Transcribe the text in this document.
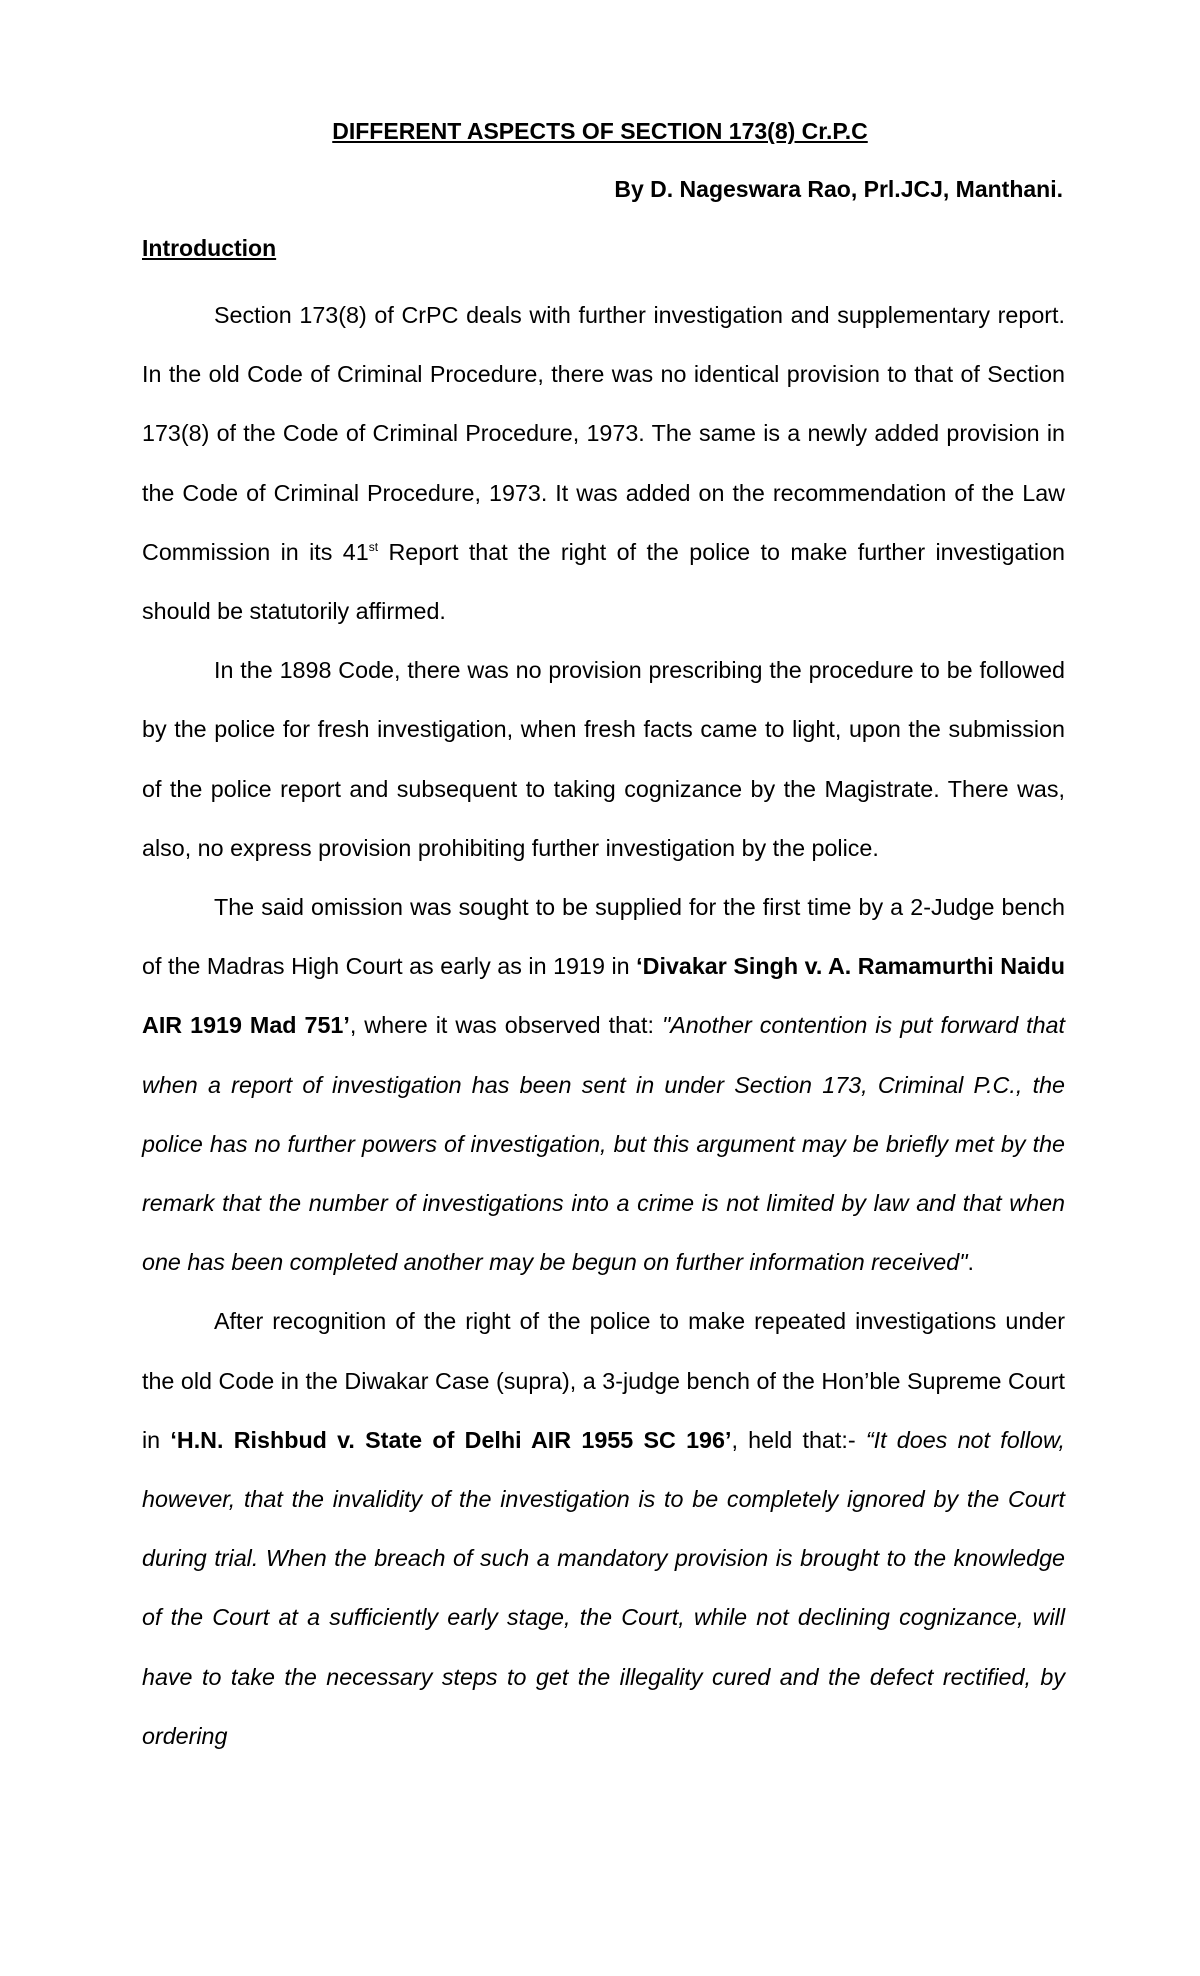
DIFFERENT ASPECTS OF SECTION 173(8) Cr.P.C

By D. Nageswara Rao, Prl.JCJ, Manthani.

Introduction

Section 173(8) of CrPC deals with further investigation and supplementary report. In the old Code of Criminal Procedure, there was no identical provision to that of Section 173(8) of the Code of Criminal Procedure, 1973. The same is a newly added provision in the Code of Criminal Procedure, 1973. It was added on the recommendation of the Law Commission in its 41st Report that the right of the police to make further investigation should be statutorily affirmed.

In the 1898 Code, there was no provision prescribing the procedure to be followed by the police for fresh investigation, when fresh facts came to light, upon the submission of the police report and subsequent to taking cognizance by the Magistrate. There was, also, no express provision prohibiting further investigation by the police.

The said omission was sought to be supplied for the first time by a 2-Judge bench of the Madras High Court as early as in 1919 in ‘Divakar Singh v. A. Ramamurthi Naidu AIR 1919 Mad 751’, where it was observed that: "Another contention is put forward that when a report of investigation has been sent in under Section 173, Criminal P.C., the police has no further powers of investigation, but this argument may be briefly met by the remark that the number of investigations into a crime is not limited by law and that when one has been completed another may be begun on further information received".

After recognition of the right of the police to make repeated investigations under the old Code in the Diwakar Case (supra), a 3-judge bench of the Hon’ble Supreme Court in ‘H.N. Rishbud v. State of Delhi AIR 1955 SC 196’, held that:- “It does not follow, however, that the invalidity of the investigation is to be completely ignored by the Court during trial. When the breach of such a mandatory provision is brought to the knowledge of the Court at a sufficiently early stage, the Court, while not declining cognizance, will have to take the necessary steps to get the illegality cured and the defect rectified, by ordering
